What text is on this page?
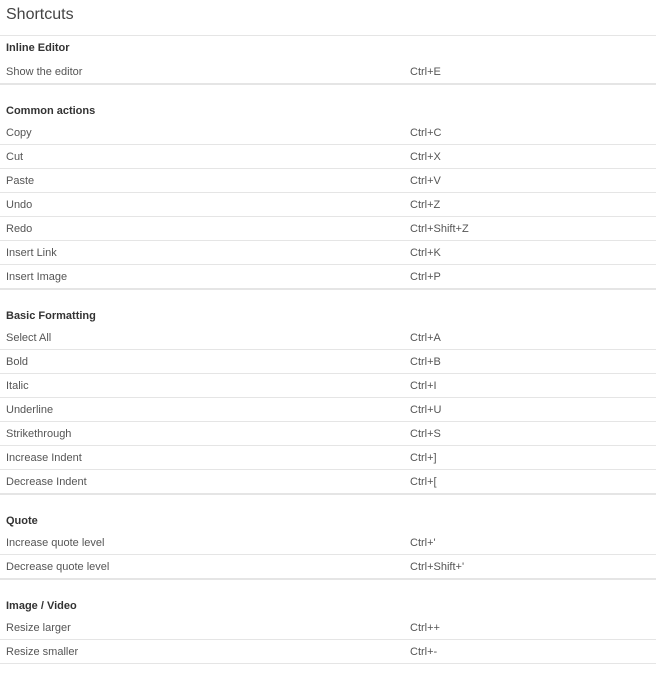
Shortcuts
Inline Editor
Show the editor	Ctrl+E
Common actions
Copy	Ctrl+C
Cut	Ctrl+X
Paste	Ctrl+V
Undo	Ctrl+Z
Redo	Ctrl+Shift+Z
Insert Link	Ctrl+K
Insert Image	Ctrl+P
Basic Formatting
Select All	Ctrl+A
Bold	Ctrl+B
Italic	Ctrl+I
Underline	Ctrl+U
Strikethrough	Ctrl+S
Increase Indent	Ctrl+]
Decrease Indent	Ctrl+[
Quote
Increase quote level	Ctrl+'
Decrease quote level	Ctrl+Shift+'
Image / Video
Resize larger	Ctrl++
Resize smaller	Ctrl+-
